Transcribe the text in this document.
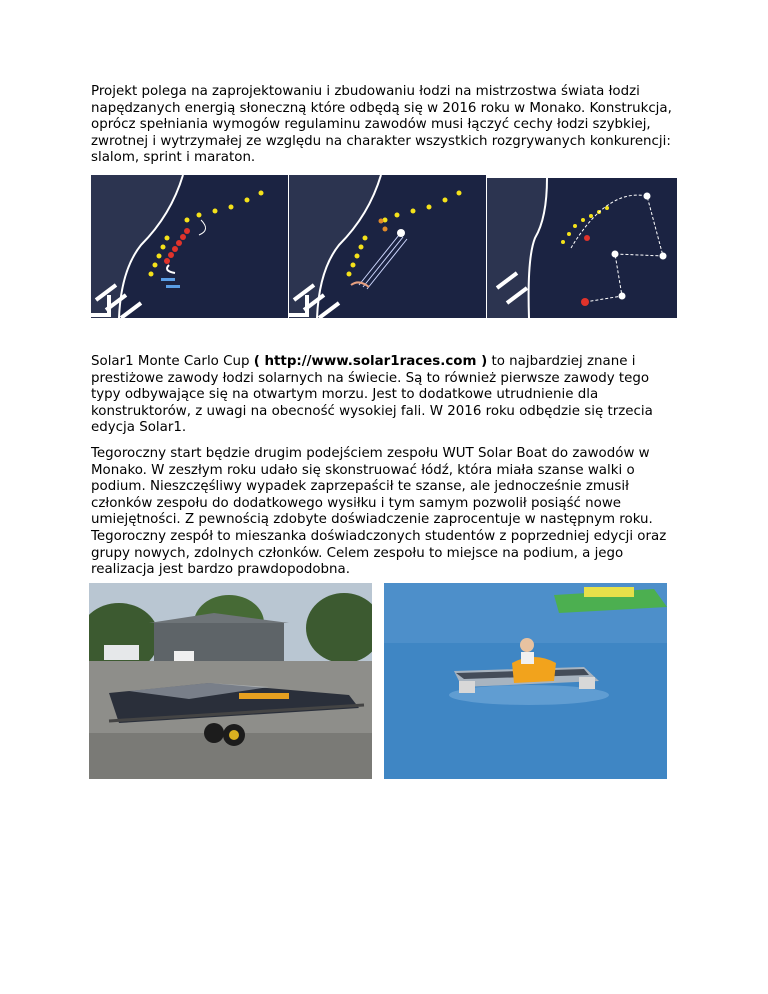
Projekt polega na zaprojektowaniu i zbudowaniu łodzi na mistrzostwa świata łodzi napędzanych energią słoneczną które odbędą się w 2016 roku w Monako. Konstrukcja, oprócz spełniania wymogów regulaminu zawodów musi łączyć cechy łodzi szybkiej, zwrotnej i wytrzymałej ze względu na charakter wszystkich rozgrywanych konkurencji: slalom, sprint i maraton.

Solar1 Monte Carlo Cup ( http://www.solar1races.com ) to najbardziej znane i prestiżowe zawody łodzi solarnych na świecie. Są to również pierwsze zawody tego typy odbywające się na otwartym morzu. Jest to dodatkowe utrudnienie dla konstruktorów, z uwagi na obecność wysokiej fali. W 2016 roku odbędzie się trzecia edycja Solar1.

Tegoroczny start będzie drugim podejściem zespołu WUT Solar Boat do zawodów w Monako. W zeszłym roku udało się skonstruować łódź, która miała szanse walki o podium. Nieszczęśliwy wypadek zaprzepaścił te szanse, ale jednocześnie zmusił członków zespołu do dodatkowego wysiłku i tym samym pozwolił posiąść nowe umiejętności. Z pewnością zdobyte doświadczenie zaprocentuje w następnym roku. Tegoroczny zespół to mieszanka doświadczonych studentów z poprzedniej edycji oraz grupy nowych, zdolnych członków. Celem zespołu to miejsce na podium, a jego realizacja jest bardzo prawdopodobna.
